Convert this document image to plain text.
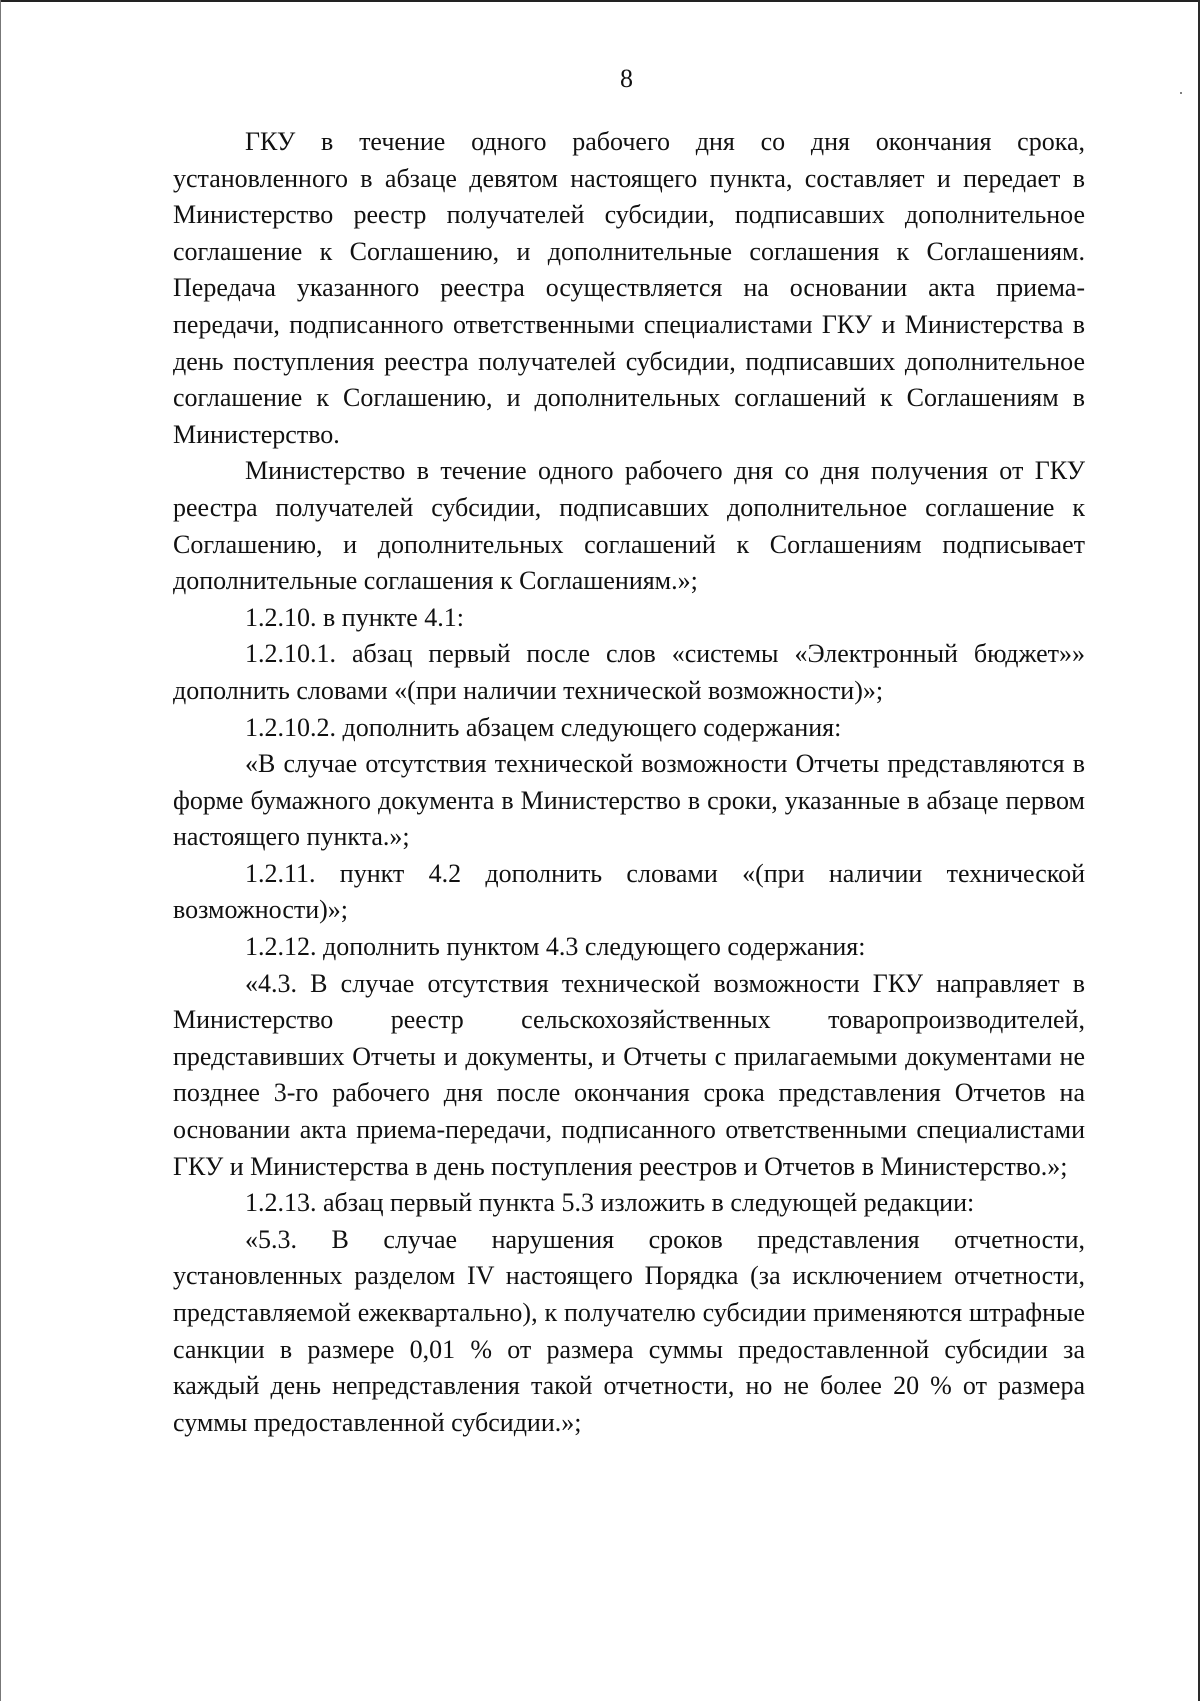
8

ГКУ в течение одного рабочего дня со дня окончания срока, установленного в абзаце девятом настоящего пункта, составляет и передает в Министерство реестр получателей субсидии, подписавших дополнительное соглашение к Соглашению, и дополнительные соглашения к Соглашениям. Передача указанного реестра осуществляется на основании акта приема-передачи, подписанного ответственными специалистами ГКУ и Министерства в день поступления реестра получателей субсидии, подписавших дополнительное соглашение к Соглашению, и дополнительных соглашений к Соглашениям в Министерство.

Министерство в течение одного рабочего дня со дня получения от ГКУ реестра получателей субсидии, подписавших дополнительное соглашение к Соглашению, и дополнительных соглашений к Соглашениям подписывает дополнительные соглашения к Соглашениям.»;

1.2.10. в пункте 4.1:

1.2.10.1. абзац первый после слов «системы «Электронный бюджет»» дополнить словами «(при наличии технической возможности)»;

1.2.10.2. дополнить абзацем следующего содержания:

«В случае отсутствия технической возможности Отчеты представляются в форме бумажного документа в Министерство в сроки, указанные в абзаце первом настоящего пункта.»;

1.2.11. пункт 4.2 дополнить словами «(при наличии технической возможности)»;

1.2.12. дополнить пунктом 4.3 следующего содержания:

«4.3. В случае отсутствия технической возможности ГКУ направляет в Министерство реестр сельскохозяйственных товаропроизводителей, представивших Отчеты и документы, и Отчеты с прилагаемыми документами не позднее 3-го рабочего дня после окончания срока представления Отчетов на основании акта приема-передачи, подписанного ответственными специалистами ГКУ и Министерства в день поступления реестров и Отчетов в Министерство.»;

1.2.13. абзац первый пункта 5.3 изложить в следующей редакции:

«5.3. В случае нарушения сроков представления отчетности, установленных разделом IV настоящего Порядка (за исключением отчетности, представляемой ежеквартально), к получателю субсидии применяются штрафные санкции в размере 0,01 % от размера суммы предоставленной субсидии за каждый день непредставления такой отчетности, но не более 20 % от размера суммы предоставленной субсидии.»;
